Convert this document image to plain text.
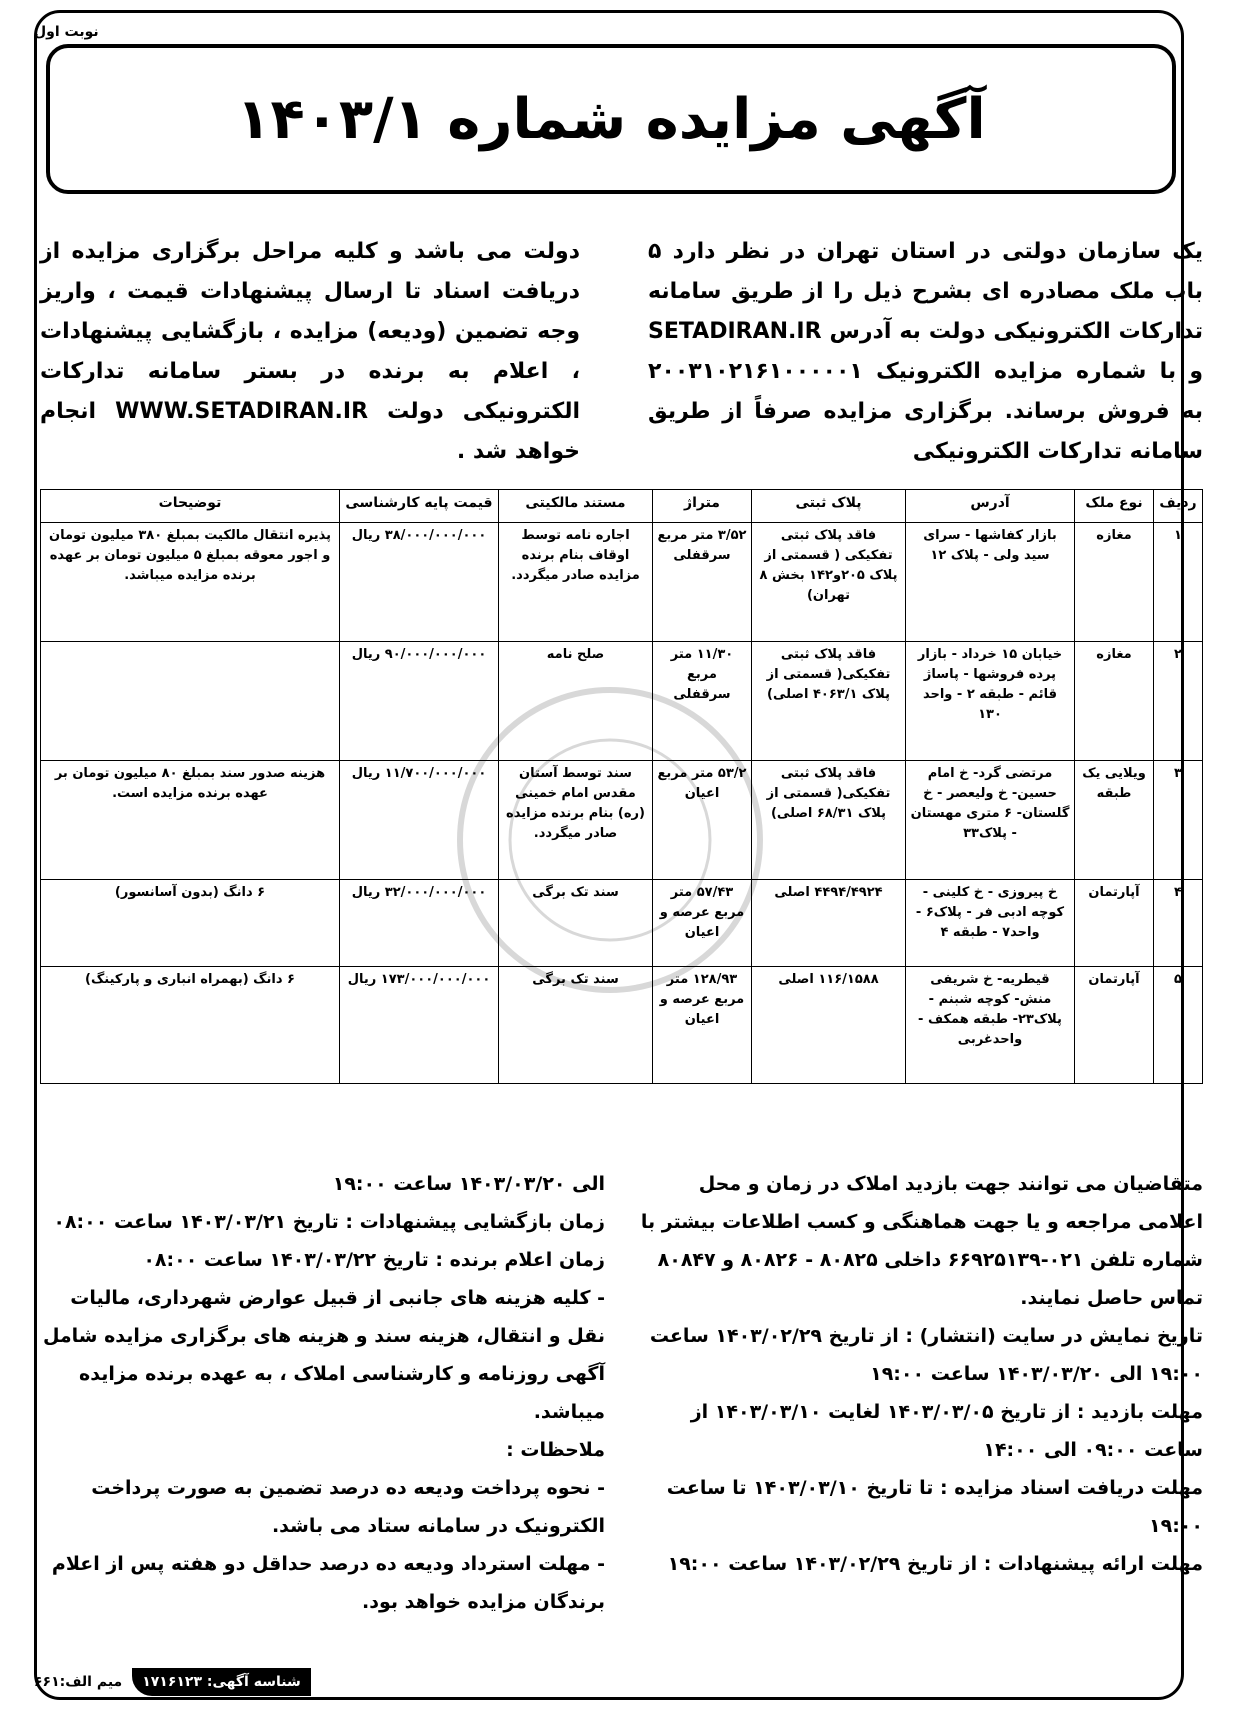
نوبت اول
آگهی مزایده شماره ۱۴۰۳/۱
یک سازمان دولتی در استان تهران در نظر دارد ۵ باب ملک مصادره ای بشرح ذیل را از طریق سامانه تدارکات الکترونیکی دولت به آدرس SETADIRAN.IR و با شماره مزایده الکترونیک ۲۰۰۳۱۰۲۱۶۱۰۰۰۰۰۱ به فروش برساند. برگزاری مزایده صرفاً از طریق سامانه تدارکات الکترونیکی
دولت می باشد و کلیه مراحل برگزاری مزایده از دریافت اسناد تا ارسال پیشنهادات قیمت ، واریز وجه تضمین (ودیعه) مزایده ، بازگشایی پیشنهادات ، اعلام به برنده در بستر سامانه تدارکات الکترونیکی دولت WWW.SETADIRAN.IR انجام خواهد شد .
ردیف	نوع ملک	آدرس	پلاک ثبتی	متراژ	مستند مالکیتی	قیمت پایه کارشناسی	توضیحات
۱	مغازه	بازار کفاشها - سرای سید ولی - پلاک ۱۲	فاقد پلاک ثبتی تفکیکی ( قسمتی از پلاک ۲۰۵و۱۴۲ بخش ۸ تهران)	۳/۵۲ متر مربع سرقفلی	اجاره نامه توسط اوقاف بنام برنده مزایده صادر میگردد.	۳۸/۰۰۰/۰۰۰/۰۰۰ ریال	پذیره انتقال مالکیت بمبلغ ۳۸۰ میلیون تومان و اجور معوقه بمبلغ ۵ میلیون تومان بر عهده برنده مزایده میباشد.
۲	مغازه	خیابان ۱۵ خرداد - بازار پرده فروشها - پاساژ قائم - طبقه ۲ - واحد ۱۳۰	فاقد پلاک ثبتی تفکیکی( قسمتی از پلاک ۴۰۶۳/۱ اصلی)	۱۱/۳۰ متر مربع سرقفلی	صلح نامه	۹۰/۰۰۰/۰۰۰/۰۰۰ ریال	
۳	ویلایی یک طبقه	مرتضی گرد- خ امام حسین- خ ولیعصر - خ گلستان- ۶ متری مهستان - پلاک۳۳	فاقد پلاک ثبتی تفکیکی( قسمتی از پلاک ۶۸/۳۱ اصلی)	۵۳/۲ متر مربع اعیان	سند توسط آستان مقدس امام خمینی (ره) بنام برنده مزایده صادر میگردد.	۱۱/۷۰۰/۰۰۰/۰۰۰ ریال	هزینه صدور سند بمبلغ ۸۰ میلیون تومان بر عهده برنده مزایده است.
۴	آپارتمان	خ پیروزی - خ کلینی - کوچه ادبی فر - پلاک۶ - واحد۷ - طبقه ۴	۴۴۹۴/۴۹۲۴ اصلی	۵۷/۴۳ متر مربع عرصه و اعیان	سند تک برگی	۳۲/۰۰۰/۰۰۰/۰۰۰ ریال	۶ دانگ (بدون آسانسور)
۵	آپارتمان	قیطریه- خ شریفی منش- کوچه شبنم - پلاک۲۳- طبقه همکف - واحدغربی	۱۱۶/۱۵۸۸ اصلی	۱۲۸/۹۳ متر مربع عرصه و اعیان	سند تک برگی	۱۷۳/۰۰۰/۰۰۰/۰۰۰ ریال	۶ دانگ (بهمراه انباری و پارکینگ)

متقاضیان می توانند جهت بازدید املاک در زمان و محل اعلامی مراجعه و یا جهت هماهنگی و کسب اطلاعات بیشتر با شماره تلفن ۰۲۱-۶۶۹۲۵۱۳۹ داخلی ۸۰۸۲۵ - ۸۰۸۲۶ و ۸۰۸۴۷ تماس حاصل نمایند.

تاریخ نمایش در سایت (انتشار) : از تاریخ ۱۴۰۳/۰۲/۲۹ ساعت ۱۹:۰۰ الی ۱۴۰۳/۰۳/۲۰ ساعت ۱۹:۰۰

مهلت بازدید : از تاریخ ۱۴۰۳/۰۳/۰۵ لغایت ۱۴۰۳/۰۳/۱۰ از ساعت ۰۹:۰۰ الی ۱۴:۰۰

مهلت دریافت اسناد مزایده : تا تاریخ ۱۴۰۳/۰۳/۱۰ تا ساعت ۱۹:۰۰

مهلت ارائه پیشنهادات : از تاریخ ۱۴۰۳/۰۲/۲۹ ساعت ۱۹:۰۰

الی ۱۴۰۳/۰۳/۲۰ ساعت ۱۹:۰۰

زمان بازگشایی پیشنهادات : تاریخ ۱۴۰۳/۰۳/۲۱ ساعت ۰۸:۰۰

زمان اعلام برنده : تاریخ ۱۴۰۳/۰۳/۲۲ ساعت ۰۸:۰۰

- کلیه هزینه های جانبی از قبیل عوارض شهرداری، مالیات نقل و انتقال، هزینه سند و هزینه های برگزاری مزایده شامل آگهی روزنامه و کارشناسی املاک ، به عهده برنده مزایده میباشد.

ملاحظات :

- نحوه پرداخت ودیعه ده درصد تضمین به صورت پرداخت الکترونیک در سامانه ستاد می باشد.

- مهلت استرداد ودیعه ده درصد حداقل دو هفته پس از اعلام برندگان مزایده خواهد بود.

شناسه آگهی: ۱۷۱۶۱۲۳
میم الف:۶۶۱
